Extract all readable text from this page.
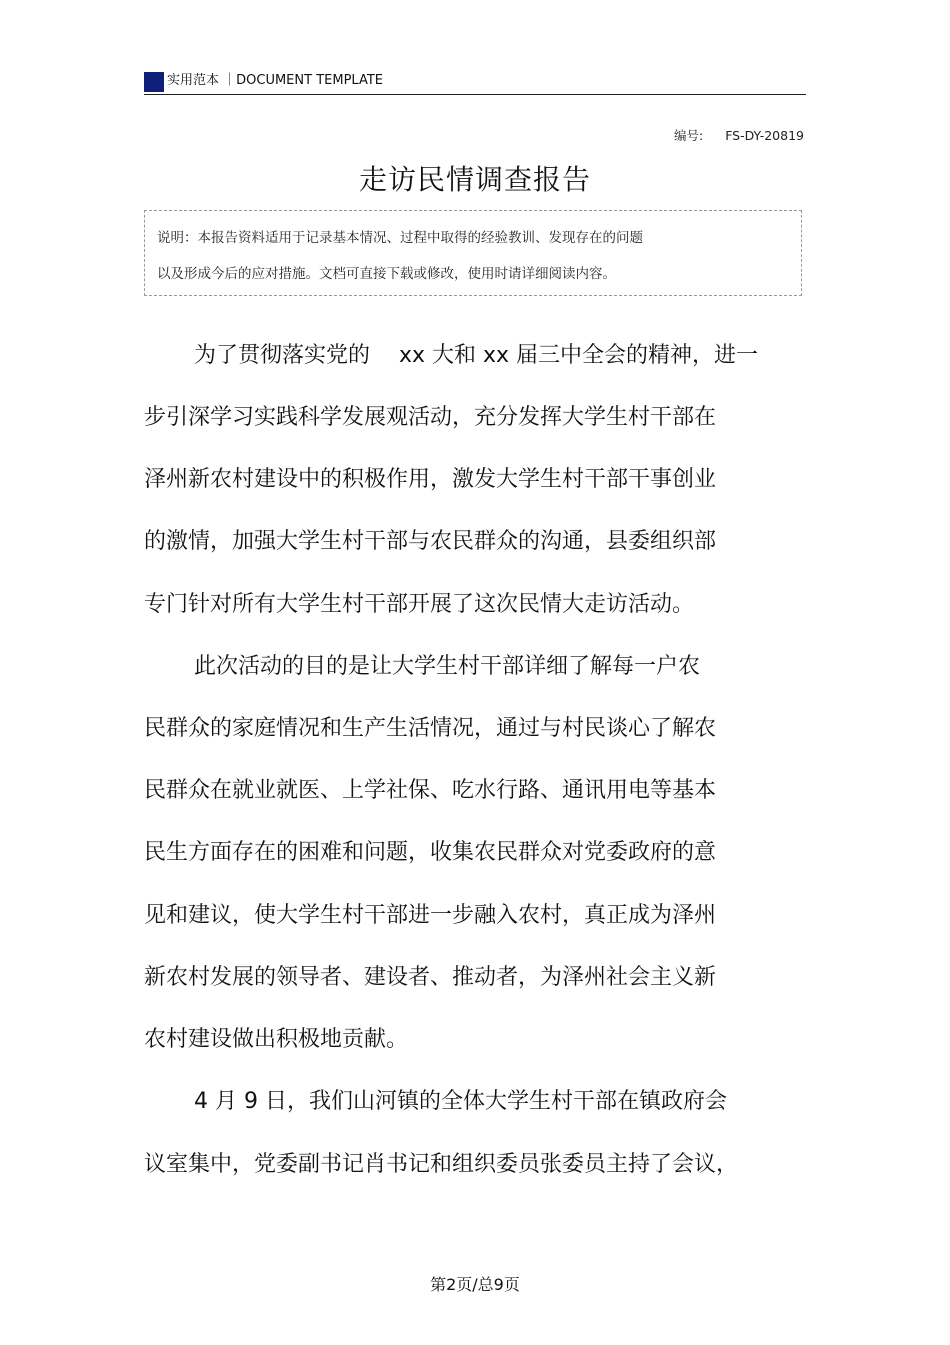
实用范本 ｜DOCUMENT TEMPLATE
编号: FS-DY-20819
走访民情调查报告
说明：本报告资料适用于记录基本情况、过程中取得的经验教训、发现存在的问题
以及形成今后的应对措施。文档可直接下载或修改，使用时请详细阅读内容。
为了贯彻落实党的　 xx 大和 xx 届三中全会的精神，进一
步引深学习实践科学发展观活动，充分发挥大学生村干部在
泽州新农村建设中的积极作用，激发大学生村干部干事创业
的激情，加强大学生村干部与农民群众的沟通，县委组织部
专门针对所有大学生村干部开展了这次民情大走访活动。
此次活动的目的是让大学生村干部详细了解每一户农
民群众的家庭情况和生产生活情况，通过与村民谈心了解农
民群众在就业就医、上学社保、吃水行路、通讯用电等基本
民生方面存在的困难和问题，收集农民群众对党委政府的意
见和建议，使大学生村干部进一步融入农村，真正成为泽州
新农村发展的领导者、建设者、推动者，为泽州社会主义新
农村建设做出积极地贡献。
4 月 9 日，我们山河镇的全体大学生村干部在镇政府会
议室集中，党委副书记肖书记和组织委员张委员主持了会议，
第2页/总9页
